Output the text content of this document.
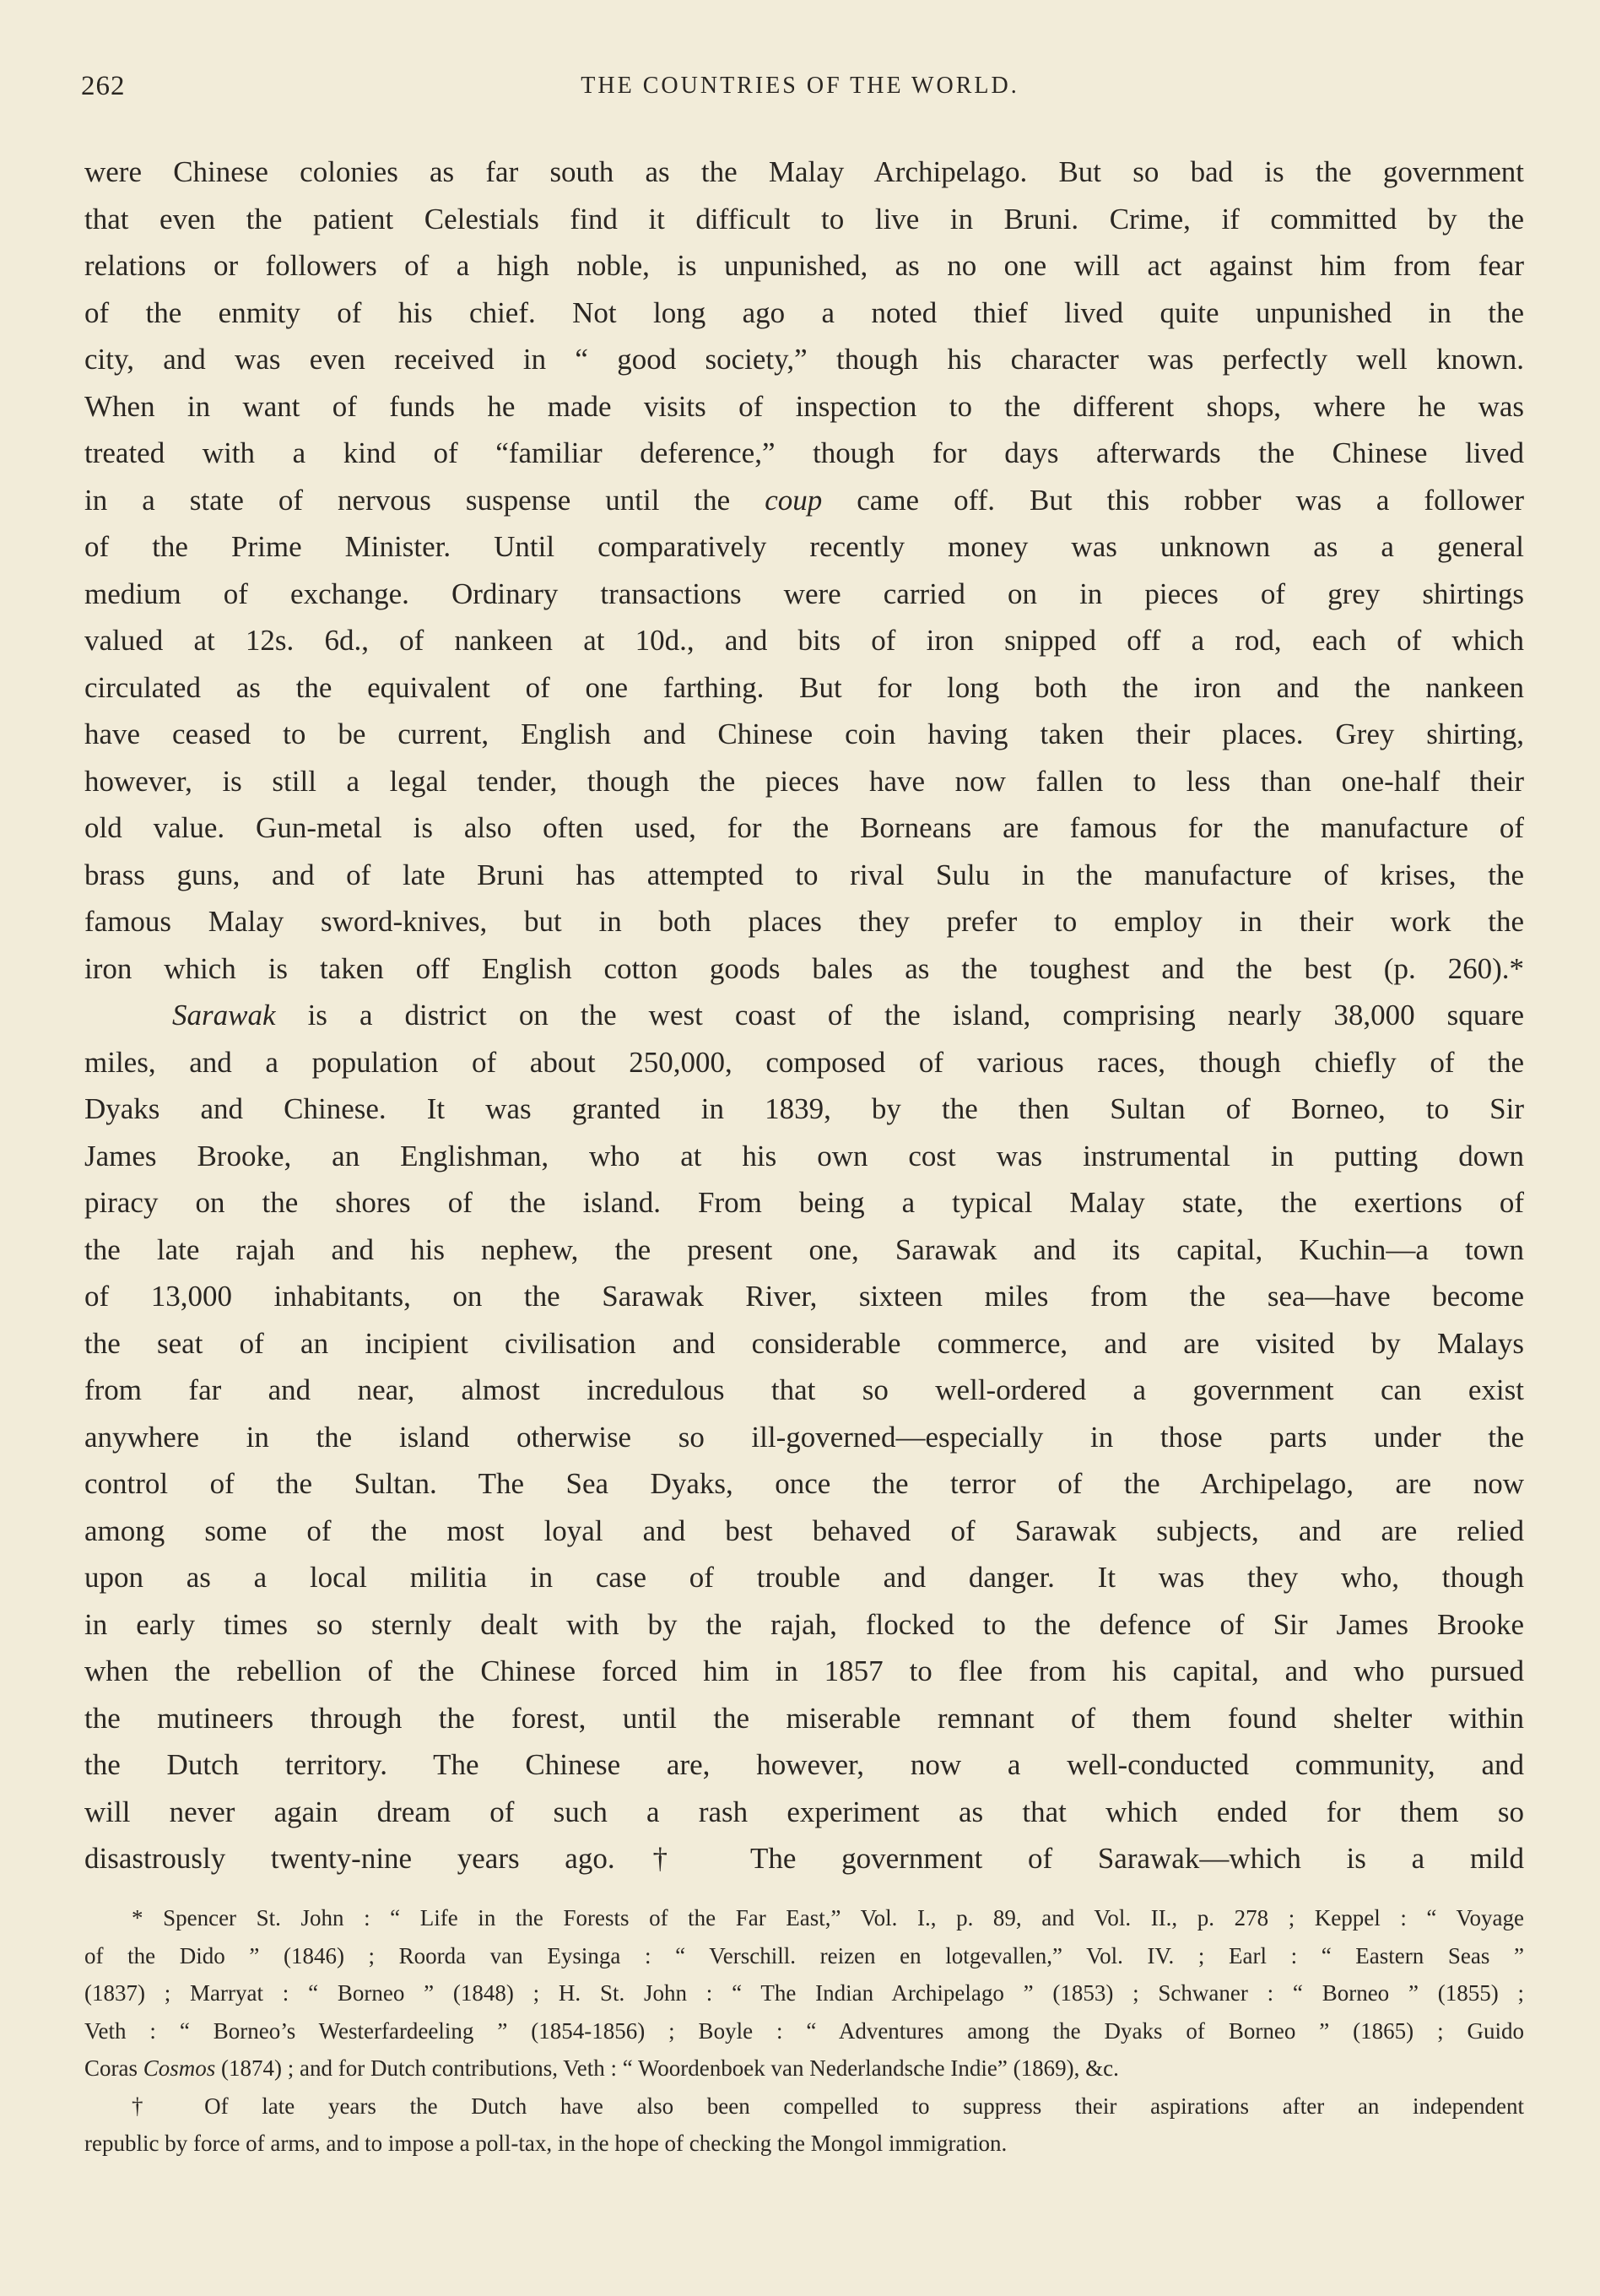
262	THE COUNTRIES OF THE WORLD.
were Chinese colonies as far south as the Malay Archipelago. But so bad is the government
that even the patient Celestials find it difficult to live in Bruni. Crime, if committed by the
relations or followers of a high noble, is unpunished, as no one will act against him from fear
of the enmity of his chief. Not long ago a noted thief lived quite unpunished in the
city, and was even received in “ good society,” though his character was perfectly well known.
When in want of funds he made visits of inspection to the different shops, where he was
treated with a kind of “familiar deference,” though for days afterwards the Chinese lived
in a state of nervous suspense until the coup came off. But this robber was a follower
of the Prime Minister. Until comparatively recently money was unknown as a general
medium of exchange. Ordinary transactions were carried on in pieces of grey shirtings
valued at 12s. 6d., of nankeen at 10d., and bits of iron snipped off a rod, each of which
circulated as the equivalent of one farthing. But for long both the iron and the nankeen
have ceased to be current, English and Chinese coin having taken their places. Grey shirting,
however, is still a legal tender, though the pieces have now fallen to less than one-half their
old value. Gun-metal is also often used, for the Borneans are famous for the manufacture of
brass guns, and of late Bruni has attempted to rival Sulu in the manufacture of krises, the
famous Malay sword-knives, but in both places they prefer to employ in their work the
iron which is taken off English cotton goods bales as the toughest and the best (p. 260).*
Sarawak is a district on the west coast of the island, comprising nearly 38,000 square
miles, and a population of about 250,000, composed of various races, though chiefly of the
Dyaks and Chinese. It was granted in 1839, by the then Sultan of Borneo, to Sir
James Brooke, an Englishman, who at his own cost was instrumental in putting down
piracy on the shores of the island. From being a typical Malay state, the exertions of
the late rajah and his nephew, the present one, Sarawak and its capital, Kuchin—a town
of 13,000 inhabitants, on the Sarawak River, sixteen miles from the sea—have become
the seat of an incipient civilisation and considerable commerce, and are visited by Malays
from far and near, almost incredulous that so well-ordered a government can exist
anywhere in the island otherwise so ill-governed—especially in those parts under the
control of the Sultan. The Sea Dyaks, once the terror of the Archipelago, are now
among some of the most loyal and best behaved of Sarawak subjects, and are relied
upon as a local militia in case of trouble and danger. It was they who, though
in early times so sternly dealt with by the rajah, flocked to the defence of Sir James Brooke
when the rebellion of the Chinese forced him in 1857 to flee from his capital, and who pursued
the mutineers through the forest, until the miserable remnant of them found shelter within
the Dutch territory. The Chinese are, however, now a well-conducted community, and
will never again dream of such a rash experiment as that which ended for them so
disastrously twenty-nine years ago.† The government of Sarawak—which is a mild
* Spencer St. John : “ Life in the Forests of the Far East,” Vol. I., p. 89, and Vol. II., p. 278 ; Keppel : “ Voyage
of the Dido ” (1846) ; Roorda van Eysinga : “ Verschill. reizen en lotgevallen,” Vol. IV. ; Earl : “ Eastern Seas ”
(1837) ; Marryat : “ Borneo ” (1848) ; H. St. John : “ The Indian Archipelago ” (1853) ; Schwaner : “ Borneo ” (1855) ;
Veth : “ Borneo’s Westerfardeeling ” (1854-1856) ; Boyle : “ Adventures among the Dyaks of Borneo ” (1865) ; Guido
Coras Cosmos (1874) ; and for Dutch contributions, Veth : “ Woordenboek van Nederlandsche Indie” (1869), &c.
† Of late years the Dutch have also been compelled to suppress their aspirations after an independent
republic by force of arms, and to impose a poll-tax, in the hope of checking the Mongol immigration.
